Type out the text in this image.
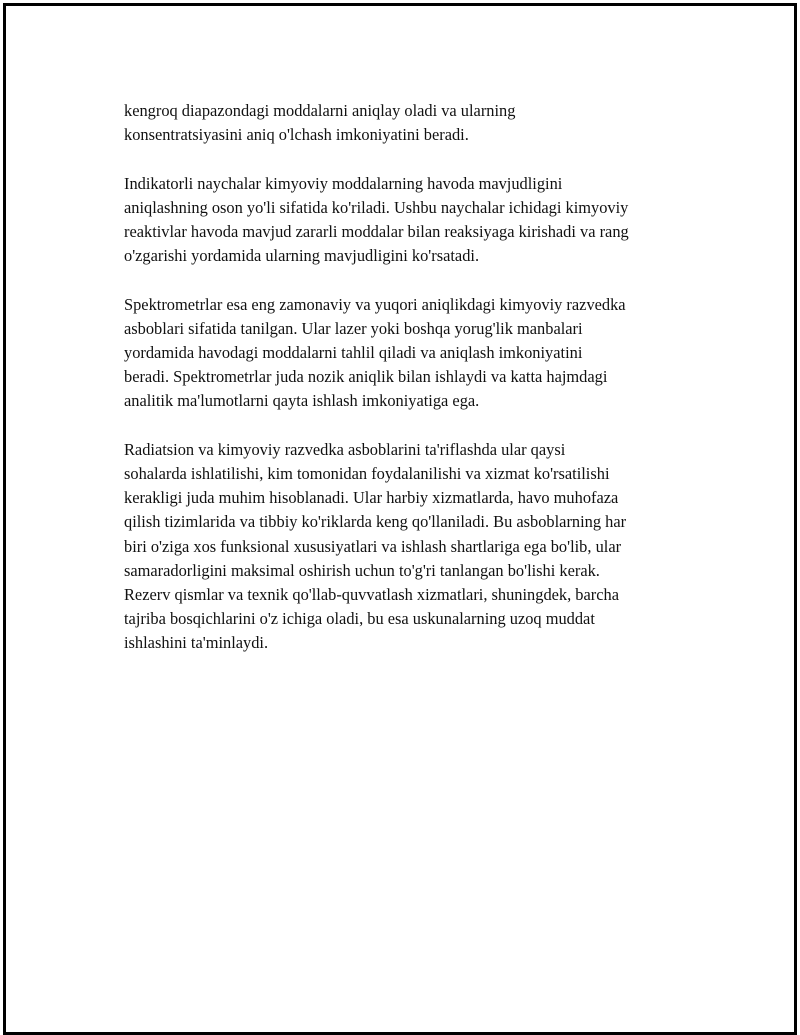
kengroq diapazondagi moddalarni aniqlay oladi va ularning
konsentratsiyasini aniq o'lchash imkoniyatini beradi.

Indikatorli naychalar kimyoviy moddalarning havoda mavjudligini
aniqlashning oson yo'li sifatida ko'riladi. Ushbu naychalar ichidagi kimyoviy
reaktivlar havoda mavjud zararli moddalar bilan reaksiyaga kirishadi va rang
o'zgarishi yordamida ularning mavjudligini ko'rsatadi.

Spektrometrlar esa eng zamonaviy va yuqori aniqlikdagi kimyoviy razvedka
asboblari sifatida tanilgan. Ular lazer yoki boshqa yorug'lik manbalari
yordamida havodagi moddalarni tahlil qiladi va aniqlash imkoniyatini
beradi. Spektrometrlar juda nozik aniqlik bilan ishlaydi va katta hajmdagi
analitik ma'lumotlarni qayta ishlash imkoniyatiga ega.

Radiatsion va kimyoviy razvedka asboblarini ta'riflashda ular qaysi
sohalarda ishlatilishi, kim tomonidan foydalanilishi va xizmat ko'rsatilishi
kerakligi juda muhim hisoblanadi. Ular harbiy xizmatlarda, havo muhofaza
qilish tizimlarida va tibbiy ko'riklarda keng qo'llaniladi. Bu asboblarning har
biri o'ziga xos funksional xususiyatlari va ishlash shartlariga ega bo'lib, ular
samaradorligini maksimal oshirish uchun to'g'ri tanlangan bo'lishi kerak.
Rezerv qismlar va texnik qo'llab-quvvatlash xizmatlari, shuningdek, barcha
tajriba bosqichlarini o'z ichiga oladi, bu esa uskunalarning uzoq muddat
ishlashini ta'minlaydi.
